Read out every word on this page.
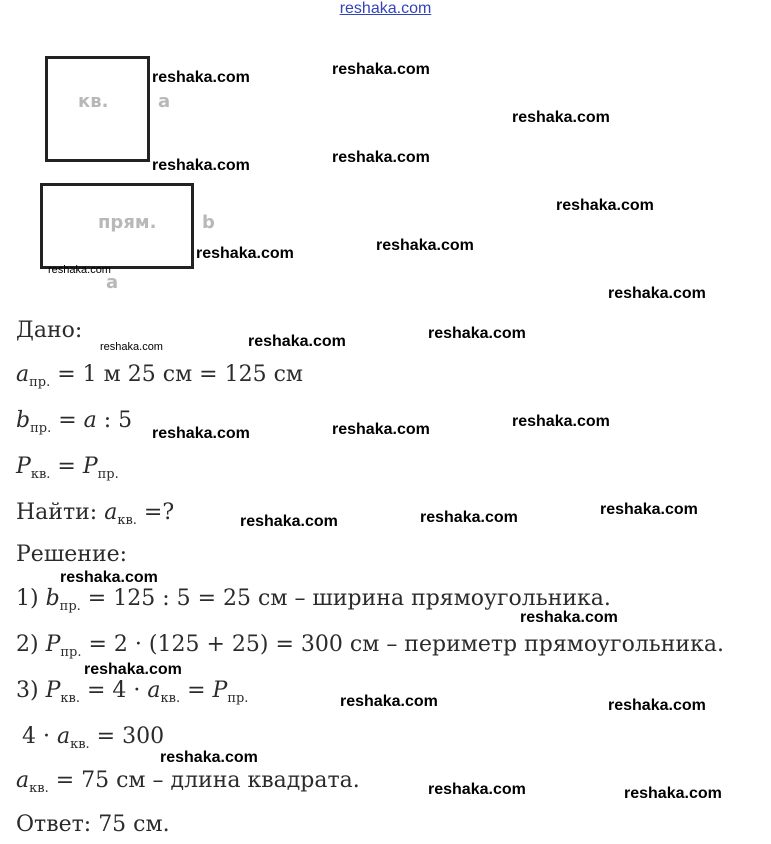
reshaka.com
кв.	a
прям.	b
a
reshaka.com	reshaka.com
reshaka.com
reshaka.com	reshaka.com
reshaka.com
reshaka.com	reshaka.com
reshaka.com
reshaka.com
reshaka.com	reshaka.com
reshaka.com
reshaka.com	reshaka.com	reshaka.com
reshaka.com	reshaka.com	reshaka.com
reshaka.com
reshaka.com
reshaka.com
reshaka.com	reshaka.com
reshaka.com
reshaka.com	reshaka.com
Дано:
$a_{пр.} = 1$ м 25 см = 125 см
$b_{пр.} = a$ : 5
$P_{кв.} = P_{пр.}$
Найти: $a_{кв.}$ =?
Решение:
1) $b_{пр.} = 125$ : 5 = 25 см – ширина прямоугольника.
2) $P_{пр.} = 2 \cdot (125 + 25) = 300$ см – периметр прямоугольника.
3) $P_{кв.} = 4 \cdot a_{кв.} = P_{пр.}$
$4 \cdot a_{кв.} = 300$
$a_{кв.} = 75$ см – длина квадрата.
Ответ: 75 см.
